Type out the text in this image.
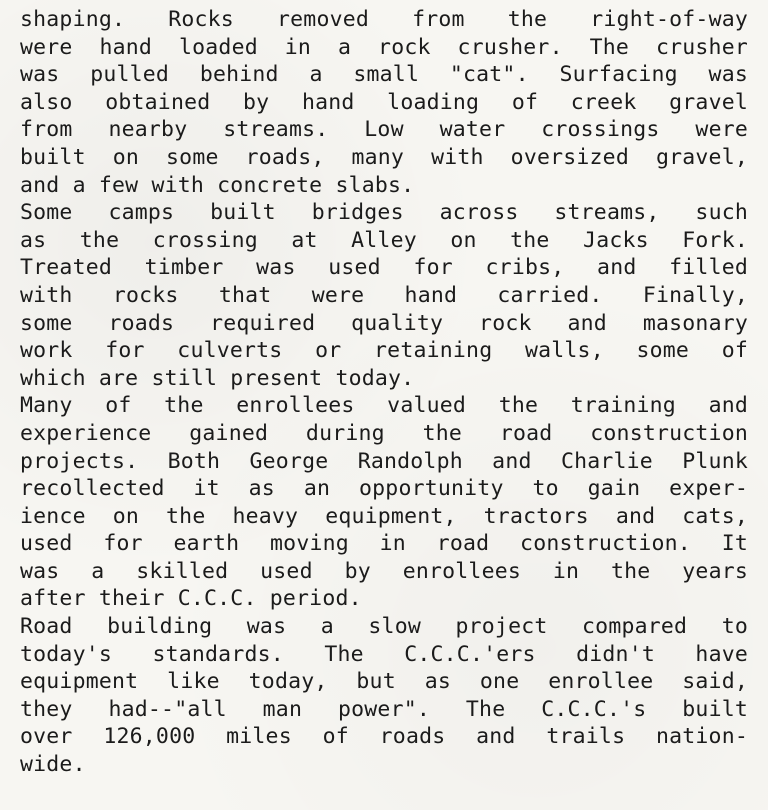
shaping. Rocks removed from the right-of-way
were hand loaded in a rock crusher. The crusher
was pulled behind a small "cat". Surfacing was
also obtained by hand loading of creek gravel
from nearby streams. Low water crossings were
built on some roads, many with oversized gravel,
and a few with concrete slabs.
Some camps built bridges across streams, such
as the crossing at Alley on the Jacks Fork.
Treated timber was used for cribs, and filled
with rocks that were hand carried. Finally,
some roads required quality rock and masonary
work for culverts or retaining walls, some of
which are still present today.
Many of the enrollees valued the training and
experience gained during the road construction
projects. Both George Randolph and Charlie Plunk
recollected it as an opportunity to gain exper-
ience on the heavy equipment, tractors and cats,
used for earth moving in road construction. It
was a skilled used by enrollees in the years
after their C.C.C. period.
Road building was a slow project compared to
today's standards. The C.C.C.'ers didn't have
equipment like today, but as one enrollee said,
they had--"all man power". The C.C.C.'s built
over 126,000 miles of roads and trails nation-
wide.
